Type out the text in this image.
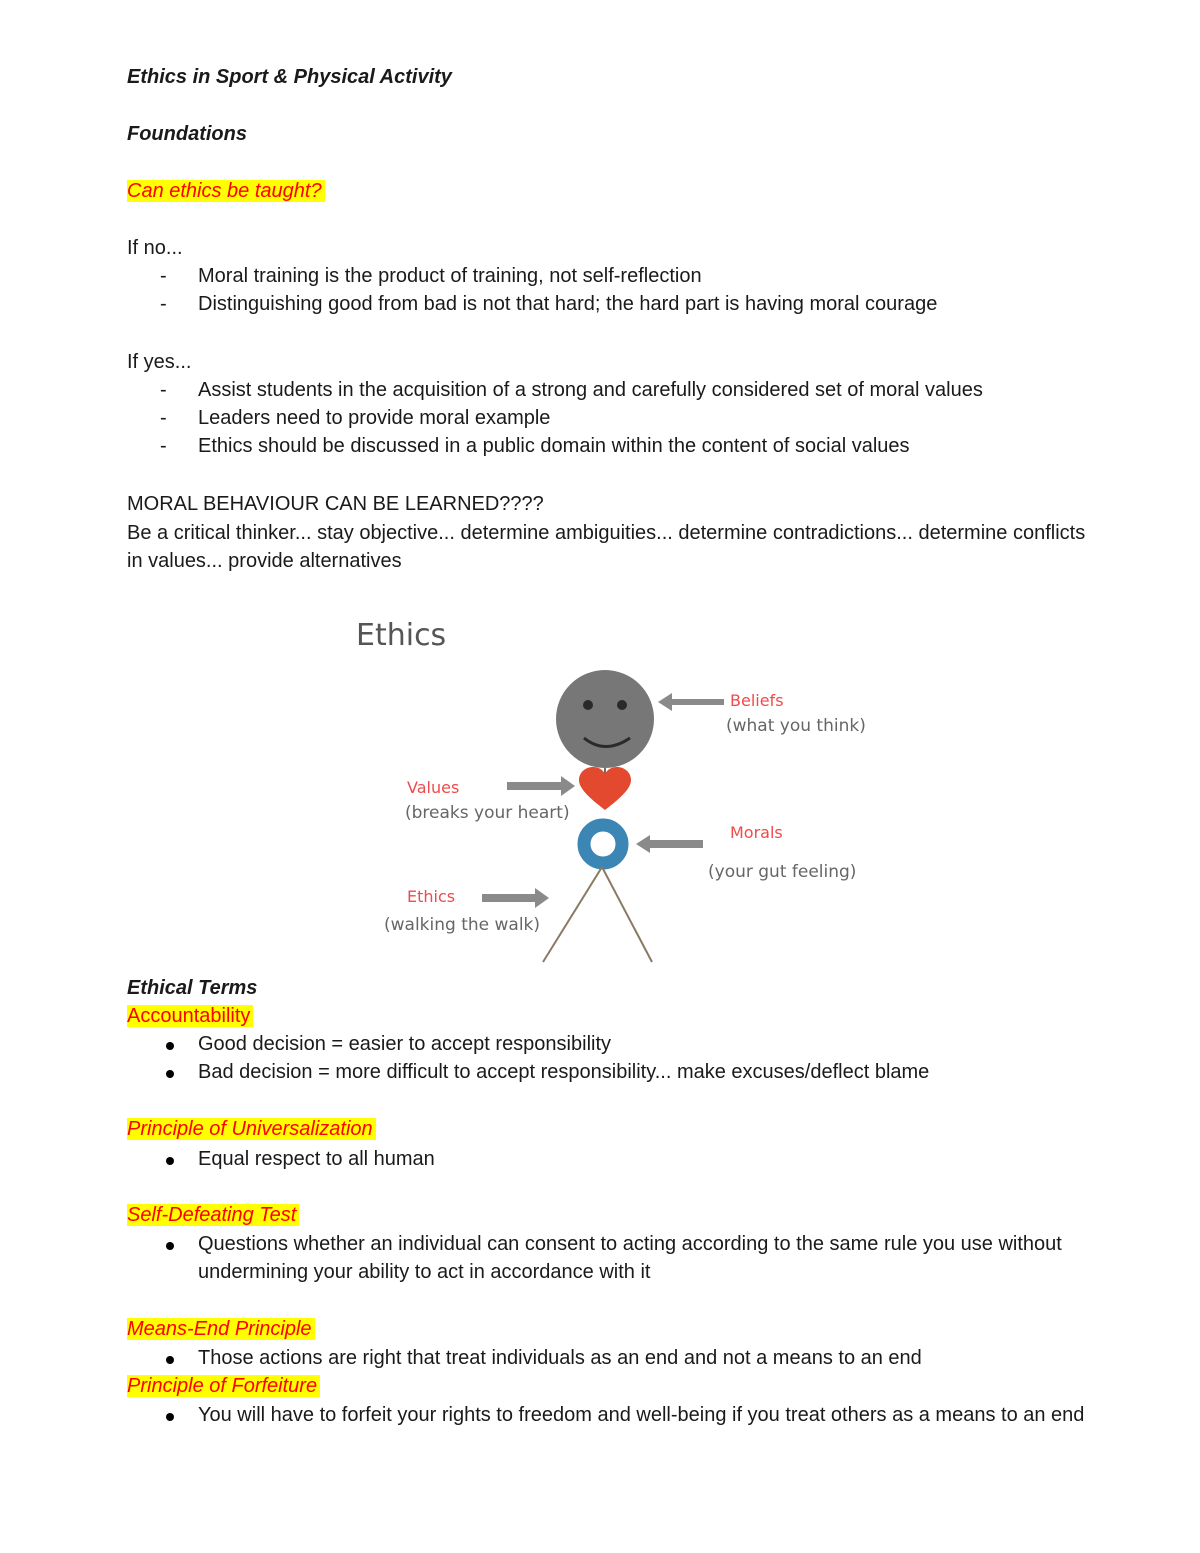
Ethics in Sport & Physical Activity
Foundations
Can ethics be taught?
If no...
-	Moral training is the product of training, not self-reflection
-	Distinguishing good from bad is not that hard; the hard part is having moral courage
If yes...
-	Assist students in the acquisition of a strong and carefully considered set of moral values
-	Leaders need to provide moral example
-	Ethics should be discussed in a public domain within the content of social values
MORAL BEHAVIOUR CAN BE LEARNED????
Be a critical thinker... stay objective... determine ambiguities... determine contradictions... determine conflicts in values... provide alternatives
Ethics
Beliefs
(what you think)
Values
(breaks your heart)
Morals
(your gut feeling)
Ethics
(walking the walk)
Ethical Terms
Accountability
Good decision = easier to accept responsibility
Bad decision = more difficult to accept responsibility... make excuses/deflect blame
Principle of Universalization
Equal respect to all human
Self-Defeating Test
Questions whether an individual can consent to acting according to the same rule you use without undermining your ability to act in accordance with it
Means-End Principle
Those actions are right that treat individuals as an end and not a means to an end
Principle of Forfeiture
You will have to forfeit your rights to freedom and well-being if you treat others as a means to an end
